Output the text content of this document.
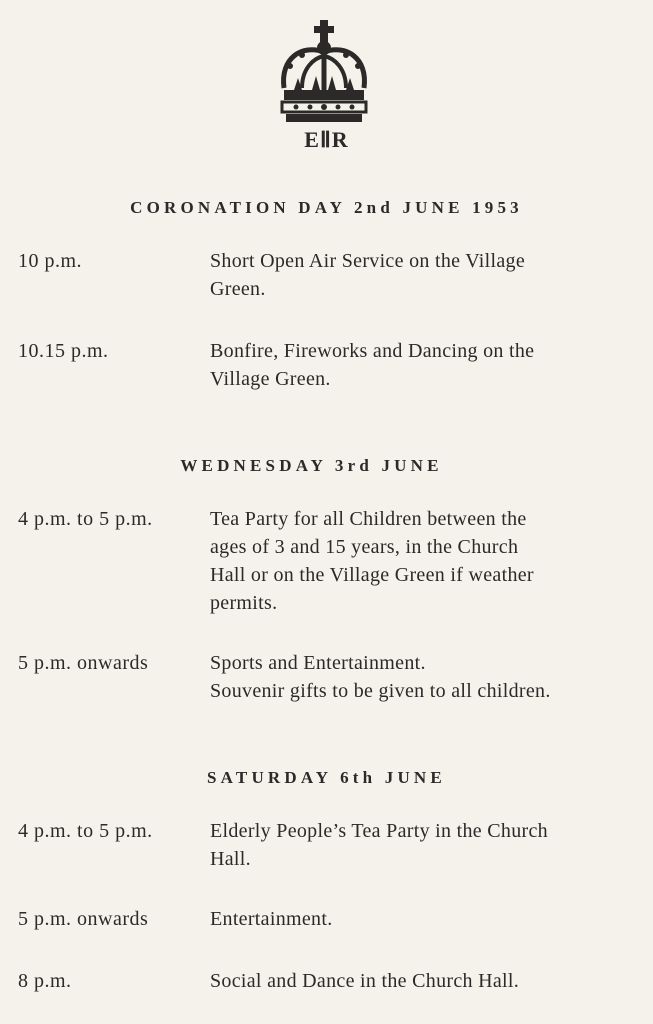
EⅡR
CORONATION DAY 2nd JUNE 1953
10 p.m.	Short Open Air Service on the Village
Green.
10.15 p.m.	Bonfire, Fireworks and Dancing on the
Village Green.
WEDNESDAY 3rd JUNE
4 p.m. to 5 p.m.	Tea Party for all Children between the
ages of 3 and 15 years, in the Church
Hall or on the Village Green if weather
permits.
5 p.m. onwards	Sports and Entertainment.
Souvenir gifts to be given to all children.
SATURDAY 6th JUNE
4 p.m. to 5 p.m.	Elderly People’s Tea Party in the Church
Hall.
5 p.m. onwards	Entertainment.
8 p.m.	Social and Dance in the Church Hall.
